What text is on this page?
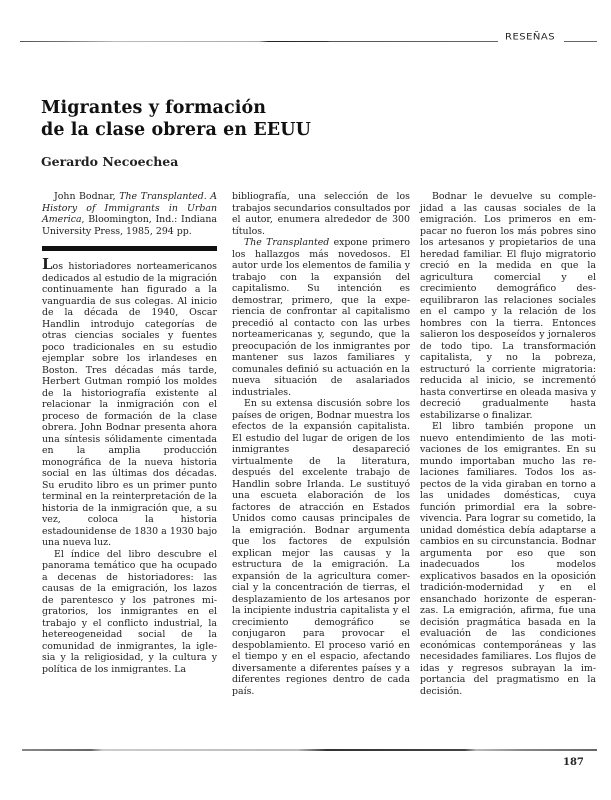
RESEÑAS
Migrantes y formación
de la clase obrera en EEUU
Gerardo Necoechea

John Bodnar, The Transplanted. A History of Immigrants in Urban America, Bloomington, Ind.: Indiana University Press, 1985, 294 pp.

Los historiadores norteamericanos dedicados al estudio de la migración continuamente han figurado a la vanguardia de sus colegas. Al inicio de la década de 1940, Oscar Handlin introdujo categorías de otras ciencias sociales y fuentes poco tradicionales en su estudio ejemplar sobre los irlandeses en Boston. Tres décadas más tarde, Herbert Gutman rompió los moldes de la historiografía existente al relacionar la inmigración con el proceso de formación de la clase obrera. John Bodnar presenta ahora una síntesis sólidamente cimentada en la amplia producción monográfica de la nueva historia social en las últimas dos décadas. Su erudito libro es un primer punto terminal en la reinterpretación de la historia de la inmigración que, a su vez, coloca la historia estadounidense de 1830 a 1930 bajo una nueva luz.

El índice del libro descubre el panorama temático que ha ocupado a decenas de historiadores: las causas de la emigración, los lazos de parentesco y los patrones migratorios, los inmigrantes en el trabajo y el conflicto industrial, la hetereogeneidad social de la comunidad de inmigrantes, la iglesia y la religiosidad, y la cultura y política de los inmigrantes. La

bibliografía, una selección de los trabajos secundarios consultados por el autor, enumera alrededor de 300 títulos.

The Transplanted expone primero los hallazgos más novedosos. El autor urde los elementos de familia y trabajo con la expansión del capitalismo. Su intención es demostrar, primero, que la experiencia de confrontar al capitalismo precedió al contacto con las urbes norteamericanas y, segundo, que la preocupación de los inmigrantes por mantener sus lazos familiares y comunales definió su actuación en la nueva situación de asalariados industriales.

En su extensa discusión sobre los países de origen, Bodnar muestra los efectos de la expansión capitalista. El estudio del lugar de origen de los inmigrantes desapareció virtualmente de la literatura, después del excelente trabajo de Handlin sobre Irlanda. Le sustituyó una escueta elaboración de los factores de atracción en Estados Unidos como causas principales de la emigración. Bodnar argumenta que los factores de expulsión explican mejor las causas y la estructura de la emigración. La expansión de la agricultura comercial y la concentración de tierras, el desplazamiento de los artesanos por la incipiente industria capitalista y el crecimiento demográfico se conjugaron para provocar el despoblamiento. El proceso varió en el tiempo y en el espacio, afectando diversamente a diferentes países y a diferentes regiones dentro de cada país.

Bodnar le devuelve su complejidad a las causas sociales de la emigración. Los primeros en empacar no fueron los más pobres sino los artesanos y propietarios de una heredad familiar. El flujo migratorio creció en la medida en que la agricultura comercial y el crecimiento demográfico desequilibraron las relaciones sociales en el campo y la relación de los hombres con la tierra. Entonces salieron los desposeídos y jornaleros de todo tipo. La transformación capitalista, y no la pobreza, estructuró la corriente migratoria: reducida al inicio, se incrementó hasta convertirse en oleada masiva y decreció gradualmente hasta estabilizarse o finalizar.

El libro también propone un nuevo entendimiento de las motivaciones de los emigrantes. En su mundo importaban mucho las relaciones familiares. Todos los aspectos de la vida giraban en torno a las unidades domésticas, cuya función primordial era la sobrevivencia. Para lograr su cometido, la unidad doméstica debía adaptarse a cambios en su circunstancia. Bodnar argumenta por eso que son inadecuados los modelos explicativos basados en la oposición tradición-modernidad y en el ensanchado horizonte de esperanzas. La emigración, afirma, fue una decisión pragmática basada en la evaluación de las condiciones económicas contemporáneas y las necesidades familiares. Los flujos de idas y regresos subrayan la importancia del pragmatismo en la decisión.

187
